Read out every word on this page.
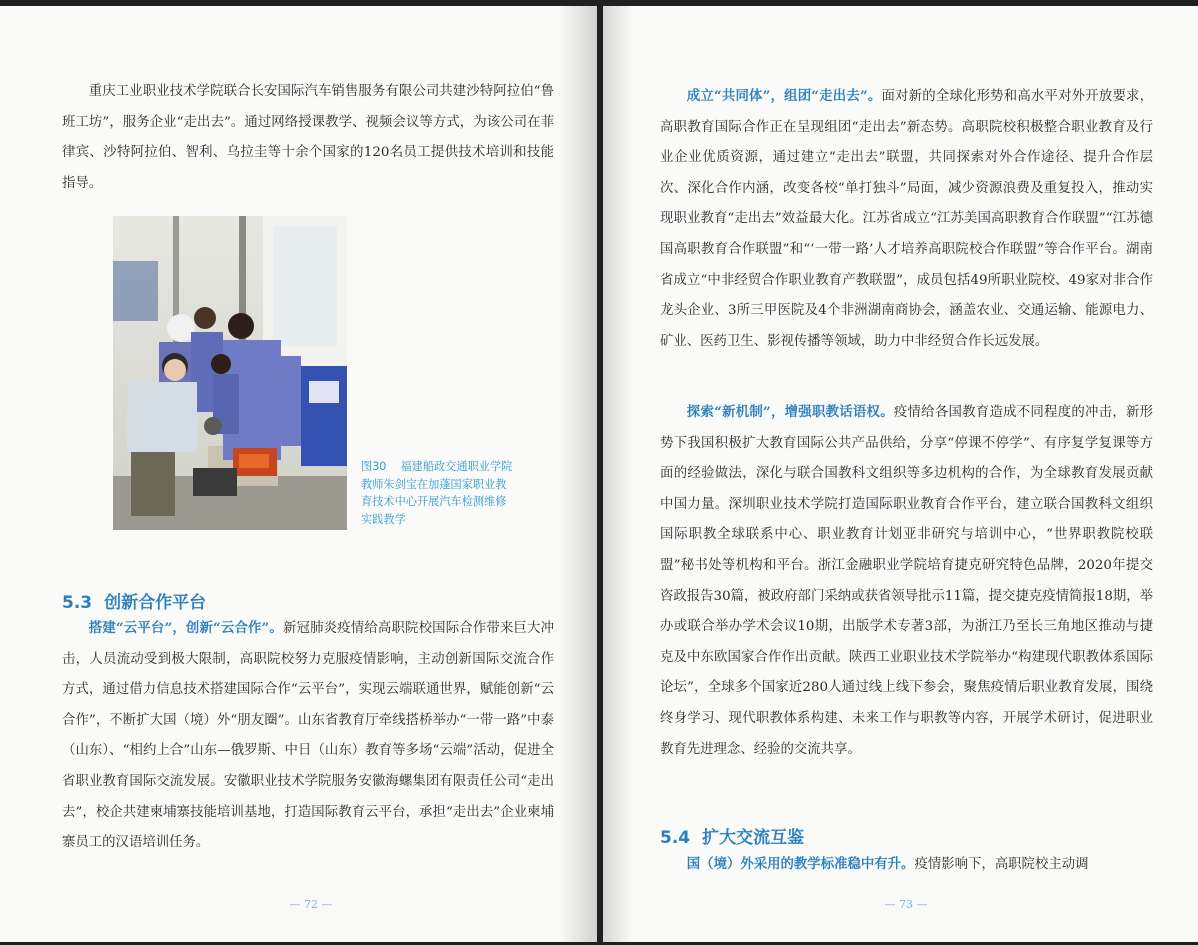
重庆工业职业技术学院联合长安国际汽车销售服务有限公司共建沙特阿拉伯“鲁班工坊”，服务企业“走出去”。通过网络授课教学、视频会议等方式，为该公司在菲律宾、沙特阿拉伯、智利、乌拉圭等十余个国家的120名员工提供技术培训和技能指导。

图30 福建船政交通职业学院教师朱剑宝在加蓬国家职业教育技术中心开展汽车检测维修实践教学
5.3 创新合作平台

搭建“云平台”，创新“云合作”。新冠肺炎疫情给高职院校国际合作带来巨大冲击，人员流动受到极大限制，高职院校努力克服疫情影响，主动创新国际交流合作方式，通过借力信息技术搭建国际合作“云平台”，实现云端联通世界，赋能创新“云合作”，不断扩大国（境）外“朋友圈”。山东省教育厅牵线搭桥举办“一带一路”中泰（山东）、“相约上合”山东—俄罗斯、中日（山东）教育等多场“云端”活动，促进全省职业教育国际交流发展。安徽职业技术学院服务安徽海螺集团有限责任公司“走出去”，校企共建柬埔寨技能培训基地，打造国际教育云平台，承担“走出去”企业柬埔寨员工的汉语培训任务。

— 72 —

成立“共同体”，组团“走出去”。面对新的全球化形势和高水平对外开放要求，高职教育国际合作正在呈现组团“走出去”新态势。高职院校积极整合职业教育及行业企业优质资源，通过建立“走出去”联盟，共同探索对外合作途径、提升合作层次、深化合作内涵，改变各校“单打独斗”局面，减少资源浪费及重复投入，推动实现职业教育“走出去”效益最大化。江苏省成立“江苏美国高职教育合作联盟”“江苏德国高职教育合作联盟”和“‘一带一路’人才培养高职院校合作联盟”等合作平台。湖南省成立“中非经贸合作职业教育产教联盟”，成员包括49所职业院校、49家对非合作龙头企业、3所三甲医院及4个非洲湖南商协会，涵盖农业、交通运输、能源电力、矿业、医药卫生、影视传播等领域，助力中非经贸合作长远发展。

探索“新机制”，增强职教话语权。疫情给各国教育造成不同程度的冲击，新形势下我国积极扩大教育国际公共产品供给，分享“停课不停学”、有序复学复课等方面的经验做法，深化与联合国教科文组织等多边机构的合作，为全球教育发展贡献中国力量。深圳职业技术学院打造国际职业教育合作平台，建立联合国教科文组织国际职教全球联系中心、职业教育计划亚非研究与培训中心，“世界职教院校联盟”秘书处等机构和平台。浙江金融职业学院培育捷克研究特色品牌，2020年提交咨政报告30篇，被政府部门采纳或获省领导批示11篇，提交捷克疫情简报18期，举办或联合举办学术会议10期，出版学术专著3部，为浙江乃至长三角地区推动与捷克及中东欧国家合作作出贡献。陕西工业职业技术学院举办“构建现代职教体系国际论坛”，全球多个国家近280人通过线上线下参会，聚焦疫情后职业教育发展，围绕终身学习、现代职教体系构建、未来工作与职教等内容，开展学术研讨，促进职业教育先进理念、经验的交流共享。

5.4 扩大交流互鉴

国（境）外采用的教学标准稳中有升。疫情影响下，高职院校主动调

— 73 —
